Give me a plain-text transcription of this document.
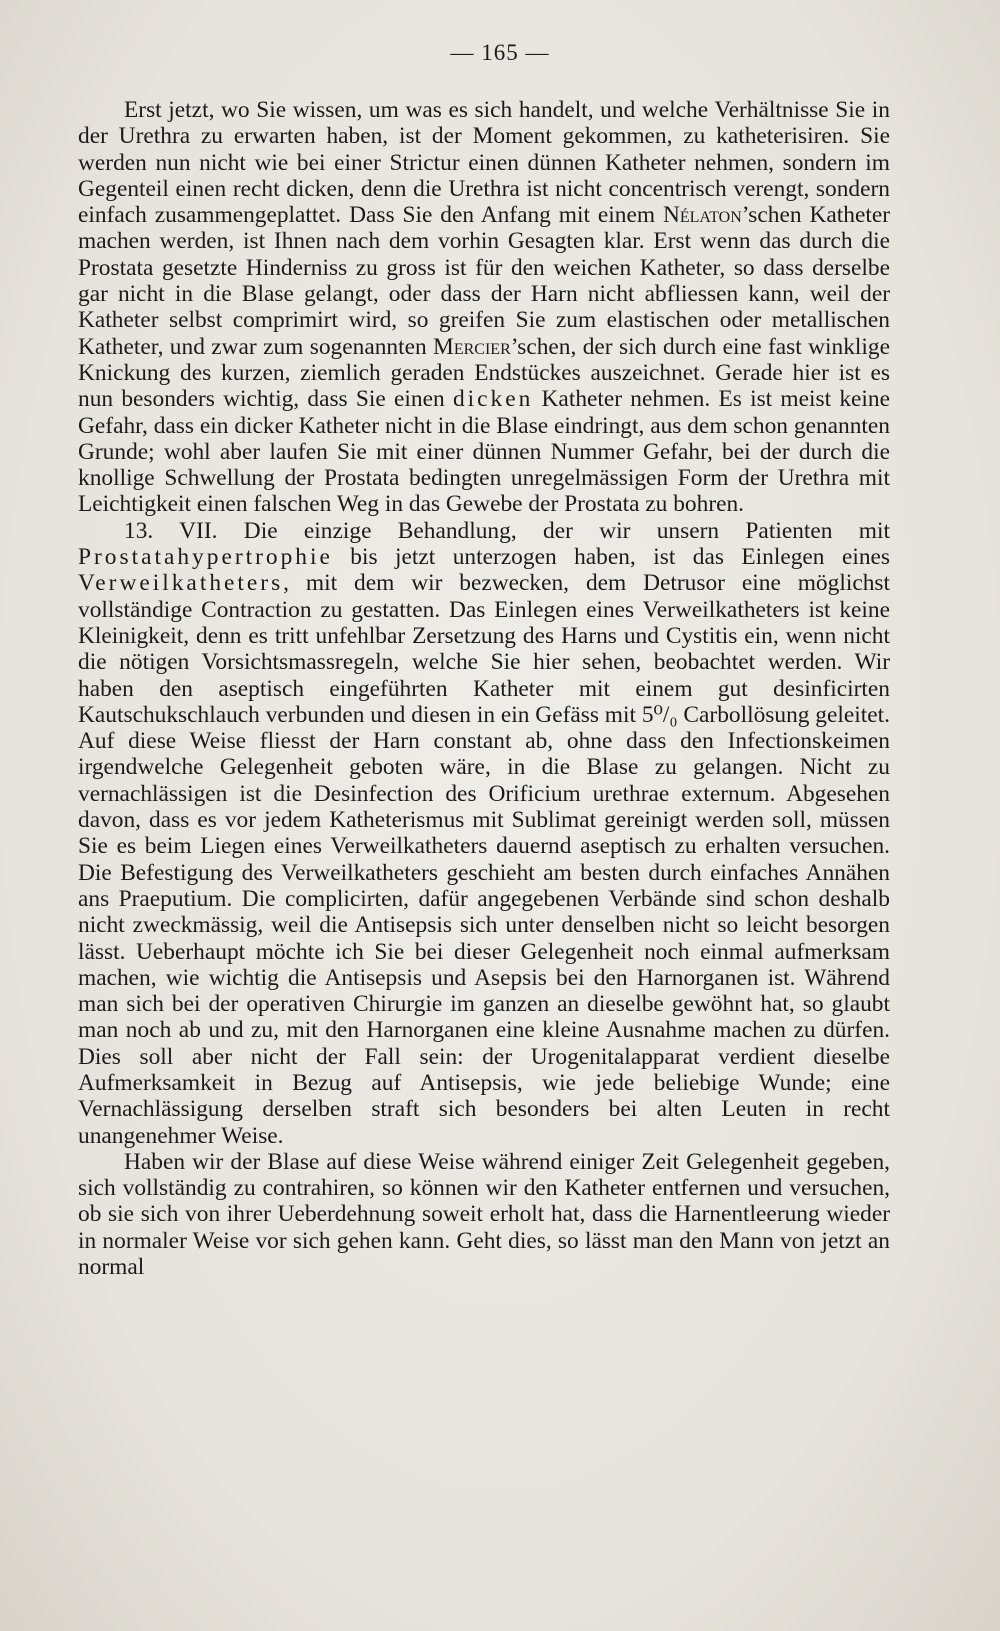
— 165 —

Erst jetzt, wo Sie wissen, um was es sich handelt, und welche Verhältnisse Sie in der Urethra zu erwarten haben, ist der Moment gekommen, zu katheterisiren. Sie werden nun nicht wie bei einer Strictur einen dünnen Katheter nehmen, sondern im Gegenteil einen recht dicken, denn die Urethra ist nicht concentrisch verengt, sondern einfach zusammengeplattet. Dass Sie den Anfang mit einem Nélaton’schen Katheter machen werden, ist Ihnen nach dem vorhin Gesagten klar. Erst wenn das durch die Prostata gesetzte Hinderniss zu gross ist für den weichen Katheter, so dass derselbe gar nicht in die Blase gelangt, oder dass der Harn nicht abfliessen kann, weil der Katheter selbst comprimirt wird, so greifen Sie zum elastischen oder metallischen Katheter, und zwar zum sogenannten Mercier’schen, der sich durch eine fast winklige Knickung des kurzen, ziemlich geraden Endstückes auszeichnet. Gerade hier ist es nun besonders wichtig, dass Sie einen dicken Katheter nehmen. Es ist meist keine Gefahr, dass ein dicker Katheter nicht in die Blase eindringt, aus dem schon genannten Grunde; wohl aber laufen Sie mit einer dünnen Nummer Gefahr, bei der durch die knollige Schwellung der Prostata bedingten unregelmässigen Form der Urethra mit Leichtigkeit einen falschen Weg in das Gewebe der Prostata zu bohren.

13. VII. Die einzige Behandlung, der wir unsern Patienten mit Prostatahypertrophie bis jetzt unterzogen haben, ist das Einlegen eines Verweilkatheters, mit dem wir bezwecken, dem Detrusor eine möglichst vollständige Contraction zu gestatten. Das Einlegen eines Verweilkatheters ist keine Kleinigkeit, denn es tritt unfehlbar Zersetzung des Harns und Cystitis ein, wenn nicht die nötigen Vorsichtsmassregeln, welche Sie hier sehen, beobachtet werden. Wir haben den aseptisch eingeführten Katheter mit einem gut desinficirten Kautschukschlauch verbunden und diesen in ein Gefäss mit 5⁰/₀ Carbollösung geleitet. Auf diese Weise fliesst der Harn constant ab, ohne dass den Infectionskeimen irgendwelche Gelegenheit geboten wäre, in die Blase zu gelangen. Nicht zu vernachlässigen ist die Desinfection des Orificium urethrae externum. Abgesehen davon, dass es vor jedem Katheterismus mit Sublimat gereinigt werden soll, müssen Sie es beim Liegen eines Verweilkatheters dauernd aseptisch zu erhalten versuchen. Die Befestigung des Verweilkatheters geschieht am besten durch einfaches Annähen ans Praeputium. Die complicirten, dafür angegebenen Verbände sind schon deshalb nicht zweckmässig, weil die Antisepsis sich unter denselben nicht so leicht besorgen lässt. Ueberhaupt möchte ich Sie bei dieser Gelegenheit noch einmal aufmerksam machen, wie wichtig die Antisepsis und Asepsis bei den Harnorganen ist. Während man sich bei der operativen Chirurgie im ganzen an dieselbe gewöhnt hat, so glaubt man noch ab und zu, mit den Harnorganen eine kleine Ausnahme machen zu dürfen. Dies soll aber nicht der Fall sein: der Urogenitalapparat verdient dieselbe Aufmerksamkeit in Bezug auf Antisepsis, wie jede beliebige Wunde; eine Vernachlässigung derselben straft sich besonders bei alten Leuten in recht unangenehmer Weise.

Haben wir der Blase auf diese Weise während einiger Zeit Gelegenheit gegeben, sich vollständig zu contrahiren, so können wir den Katheter entfernen und versuchen, ob sie sich von ihrer Ueberdehnung soweit erholt hat, dass die Harnentleerung wieder in normaler Weise vor sich gehen kann. Geht dies, so lässt man den Mann von jetzt an normal
